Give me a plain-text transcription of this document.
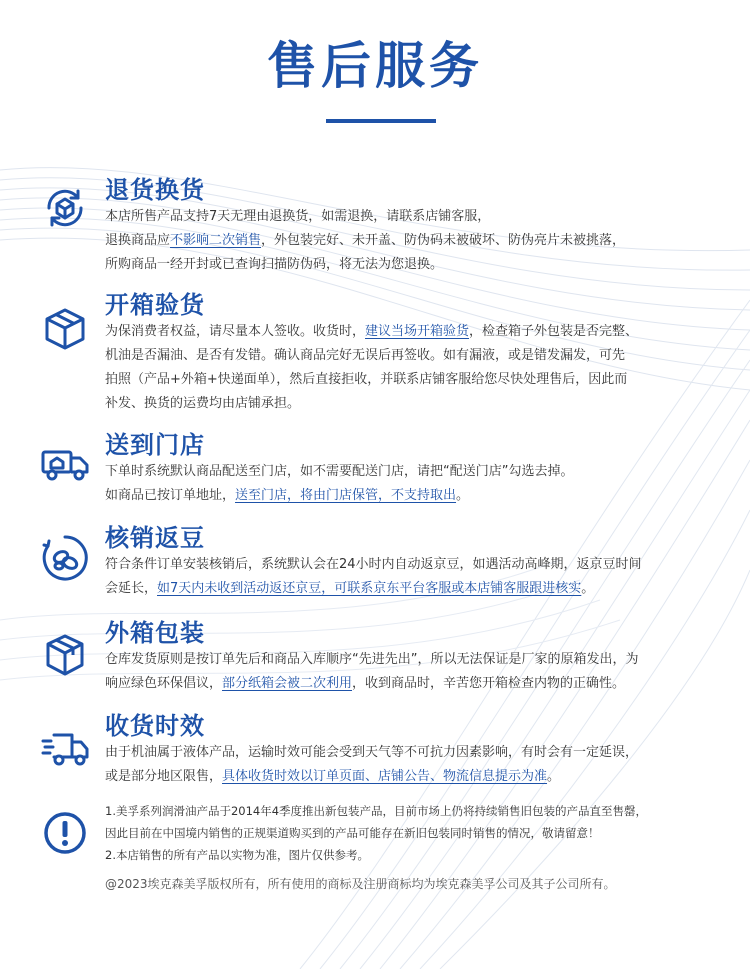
售后服务
退货换货

本店所售产品支持7天无理由退换货，如需退换，请联系店铺客服，

退换商品应不影响二次销售，外包装完好、未开盖、防伪码未被破坏、防伪亮片未被挑落，

所购商品一经开封或已查询扫描防伪码，将无法为您退换。

开箱验货

为保消费者权益，请尽量本人签收。收货时，建议当场开箱验货，检查箱子外包装是否完整、

机油是否漏油、是否有发错。确认商品完好无误后再签收。如有漏液，或是错发漏发，可先

拍照（产品+外箱+快递面单），然后直接拒收，并联系店铺客服给您尽快处理售后，因此而

补发、换货的运费均由店铺承担。

送到门店

下单时系统默认商品配送至门店，如不需要配送门店，请把“配送门店”勾选去掉。

如商品已按订单地址，送至门店，将由门店保管，不支持取出。

核销返豆

符合条件订单安装核销后，系统默认会在24小时内自动返京豆，如遇活动高峰期，返京豆时间

会延长，如7天内未收到活动返还京豆，可联系京东平台客服或本店铺客服跟进核实。

外箱包装

仓库发货原则是按订单先后和商品入库顺序“先进先出”，所以无法保证是厂家的原箱发出，为

响应绿色环保倡议，部分纸箱会被二次利用，收到商品时，辛苦您开箱检查内物的正确性。

收货时效

由于机油属于液体产品，运输时效可能会受到天气等不可抗力因素影响，有时会有一定延误，

或是部分地区限售，具体收货时效以订单页面、店铺公告、物流信息提示为准。

1.美孚系列润滑油产品于2014年4季度推出新包装产品，目前市场上仍将持续销售旧包装的产品直至售罄，

因此目前在中国境内销售的正规渠道购买到的产品可能存在新旧包装同时销售的情况，敬请留意！

2.本店销售的所有产品以实物为准，图片仅供参考。

@2023埃克森美孚版权所有，所有使用的商标及注册商标均为埃克森美孚公司及其子公司所有。
